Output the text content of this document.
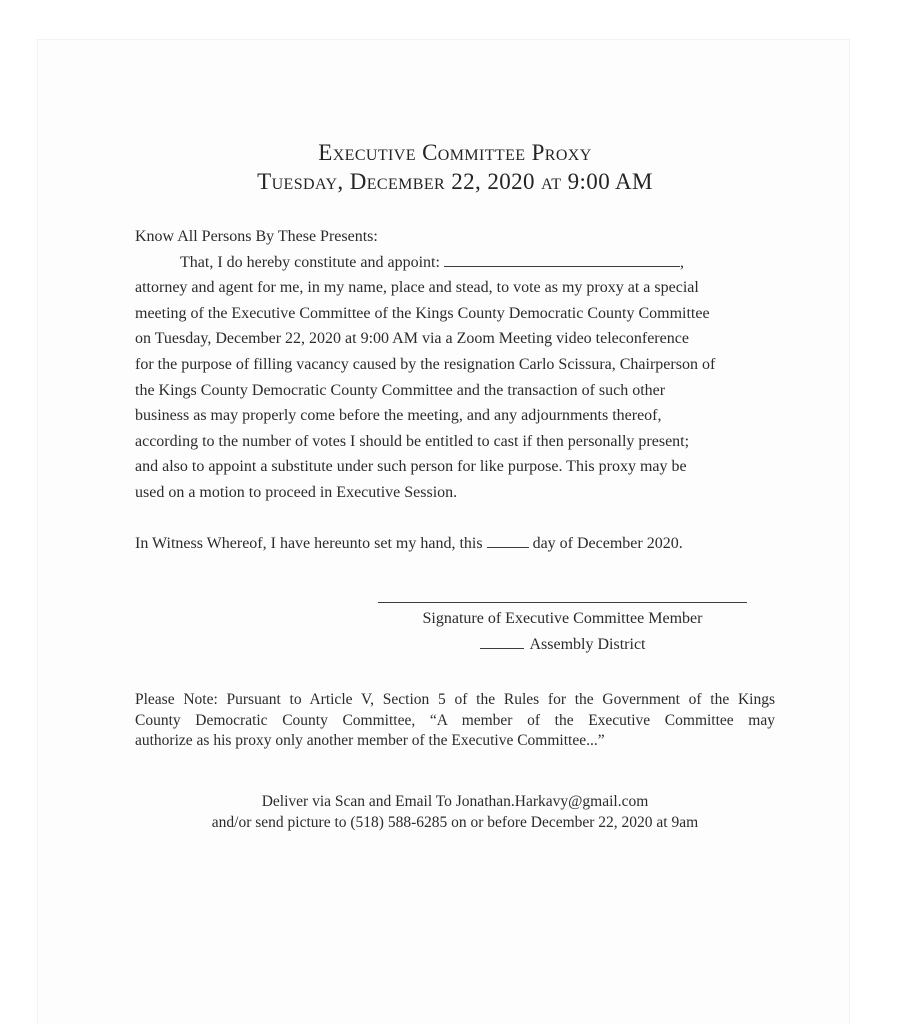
Executive Committee Proxy
Tuesday, December 22, 2020 at 9:00 AM
Know All Persons By These Presents:
That, I do hereby constitute and appoint:	,
attorney and agent for me, in my name, place and stead, to vote as my proxy at a special
meeting of the Executive Committee of the Kings County Democratic County Committee
on Tuesday, December 22, 2020 at 9:00 AM via a Zoom Meeting video teleconference
for the purpose of filling vacancy caused by the resignation Carlo Scissura, Chairperson of
the Kings County Democratic County Committee and the transaction of such other
business as may properly come before the meeting, and any adjournments thereof,
according to the number of votes I should be entitled to cast if then personally present;
and also to appoint a substitute under such person for like purpose. This proxy may be
used on a motion to proceed in Executive Session.
In Witness Whereof, I have hereunto set my hand, this	day of December 2020.
Signature of Executive Committee Member
Assembly District
Please Note: Pursuant to Article V, Section 5 of the Rules for the Government of the Kings
County Democratic County Committee, “A member of the Executive Committee may
authorize as his proxy only another member of the Executive Committee...”
Deliver via Scan and Email To Jonathan.Harkavy@gmail.com
and/or send picture to (518) 588-6285 on or before December 22, 2020 at 9am
